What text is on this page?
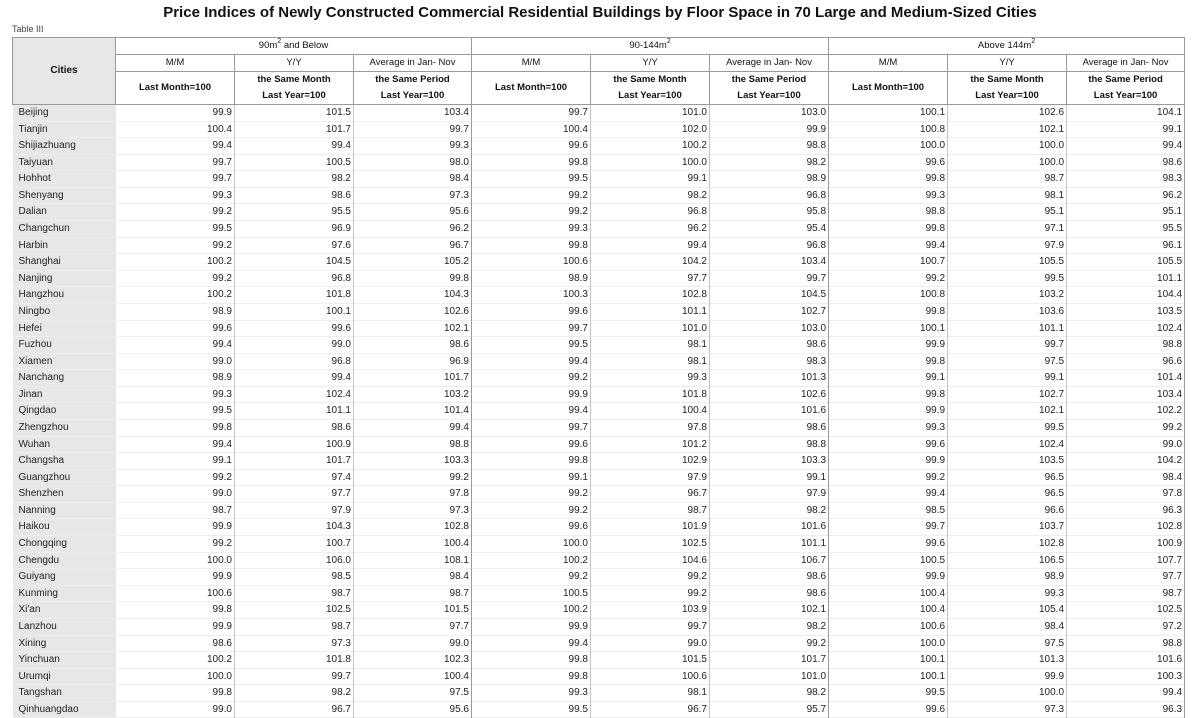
Price Indices of Newly Constructed Commercial Residential Buildings by Floor Space in 70 Large and Medium-Sized Cities
Table III
Cities	$90m^2$ and Below			$90-144m^2$			Above $144m^2$
	M/M	Y/Y	Average in Jan- Nov	M/M	Y/Y	Average in Jan- Nov	M/M	Y/Y	Average in Jan- Nov
	Last Month=100	the Same Month	the Same Period	Last Month=100	the Same Month	the Same Period	Last Month=100	the Same Month	the Same Period
		Last Year=100	Last Year=100		Last Year=100	Last Year=100		Last Year=100	Last Year=100
Beijing	99.9	101.5	103.4	99.7	101.0	103.0	100.1	102.6	104.1
Tianjin	100.4	101.7	99.7	100.4	102.0	99.9	100.8	102.1	99.1
Shijiazhuang	99.4	99.4	99.3	99.6	100.2	98.8	100.0	100.0	99.4
Taiyuan	99.7	100.5	98.0	99.8	100.0	98.2	99.6	100.0	98.6
Hohhot	99.7	98.2	98.4	99.5	99.1	98.9	99.8	98.7	98.3
Shenyang	99.3	98.6	97.3	99.2	98.2	96.8	99.3	98.1	96.2
Dalian	99.2	95.5	95.6	99.2	96.8	95.8	98.8	95.1	95.1
Changchun	99.5	96.9	96.2	99.3	96.2	95.4	99.8	97.1	95.5
Harbin	99.2	97.6	96.7	99.8	99.4	96.8	99.4	97.9	96.1
Shanghai	100.2	104.5	105.2	100.6	104.2	103.4	100.7	105.5	105.5
Nanjing	99.2	96.8	99.8	98.9	97.7	99.7	99.2	99.5	101.1
Hangzhou	100.2	101.8	104.3	100.3	102.8	104.5	100.8	103.2	104.4
Ningbo	98.9	100.1	102.6	99.6	101.1	102.7	99.8	103.6	103.5
Hefei	99.6	99.6	102.1	99.7	101.0	103.0	100.1	101.1	102.4
Fuzhou	99.4	99.0	98.6	99.5	98.1	98.6	99.9	99.7	98.8
Xiamen	99.0	96.8	96.9	99.4	98.1	98.3	99.8	97.5	96.6
Nanchang	98.9	99.4	101.7	99.2	99.3	101.3	99.1	99.1	101.4
Jinan	99.3	102.4	103.2	99.9	101.8	102.6	99.8	102.7	103.4
Qingdao	99.5	101.1	101.4	99.4	100.4	101.6	99.9	102.1	102.2
Zhengzhou	99.8	98.6	99.4	99.7	97.8	98.6	99.3	99.5	99.2
Wuhan	99.4	100.9	98.8	99.6	101.2	98.8	99.6	102.4	99.0
Changsha	99.1	101.7	103.3	99.8	102.9	103.3	99.9	103.5	104.2
Guangzhou	99.2	97.4	99.2	99.1	97.9	99.1	99.2	96.5	98.4
Shenzhen	99.0	97.7	97.8	99.2	96.7	97.9	99.4	96.5	97.8
Nanning	98.7	97.9	97.3	99.2	98.7	98.2	98.5	96.6	96.3
Haikou	99.9	104.3	102.8	99.6	101.9	101.6	99.7	103.7	102.8
Chongqing	99.2	100.7	100.4	100.0	102.5	101.1	99.6	102.8	100.9
Chengdu	100.0	106.0	108.1	100.2	104.6	106.7	100.5	106.5	107.7
Guiyang	99.9	98.5	98.4	99.2	99.2	98.6	99.9	98.9	97.7
Kunming	100.6	98.7	98.7	100.5	99.2	98.6	100.4	99.3	98.7
Xi'an	99.8	102.5	101.5	100.2	103.9	102.1	100.4	105.4	102.5
Lanzhou	99.9	98.7	97.7	99.9	99.7	98.2	100.6	98.4	97.2
Xining	98.6	97.3	99.0	99.4	99.0	99.2	100.0	97.5	98.8
Yinchuan	100.2	101.8	102.3	99.8	101.5	101.7	100.1	101.3	101.6
Urumqi	100.0	99.7	100.4	99.8	100.6	101.0	100.1	99.9	100.3
Tangshan	99.8	98.2	97.5	99.3	98.1	98.2	99.5	100.0	99.4
Qinhuangdao	99.0	96.7	95.6	99.5	96.7	95.7	99.6	97.3	96.3
